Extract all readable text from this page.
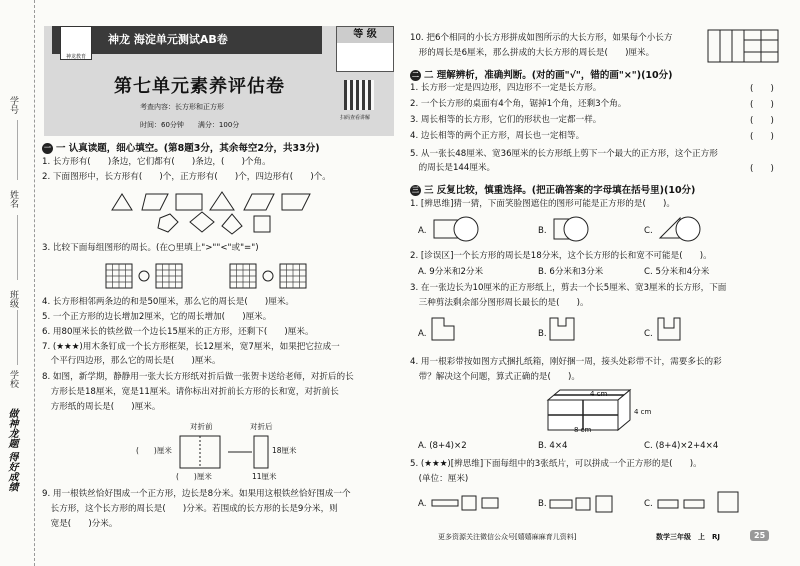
学号
姓名
班级
学校
做神龙题 得好成绩
神龙 海淀单元测试AB卷
神龙教育
等 级
第七单元素养评估卷
考查内容：长方形和正方形
时间：60分钟　　满分：100分
扫码查看讲解
一 一 认真读题，细心填空。(第8题3分，其余每空2分，共33分)
1. 长方形有(　　)条边，它们都有(　　)条边，(　　)个角。
2. 下面图形中，长方形有(　　)个，正方形有(　　)个，四边形有(　　)个。
3. 比较下面每组图形的周长。(在○里填上">""<"或"=")
4. 长方形相邻两条边的和是50厘米，那么它的周长是(　　)厘米。
5. 一个正方形的边长增加2厘米，它的周长增加(　　)厘米。
6. 用80厘米长的铁丝做一个边长15厘米的正方形，还剩下(　　)厘米。
7. (★★★)用木条钉成一个长方形框架，长12厘米，宽7厘米，如果把它拉成一
　个平行四边形，那么它的周长是(　　)厘米。
8. 如图，新学期，静静用一张大长方形纸对折后做一张贺卡送给老师，对折后的长
　方形长是18厘米，宽是11厘米。请你标出对折前长方形的长和宽，对折前长
　方形纸的周长是(　　)厘米。
对折前	对折后
(　　)厘米
(　　)厘米
18厘米
11厘米
9. 用一根铁丝恰好围成一个正方形，边长是8分米。如果用这根铁丝恰好围成一个
　长方形，这个长方形的周长是(　　)分米。若围成的长方形的长是9分米，则
　宽是(　　)分米。
10. 把6个相同的小长方形拼成如图所示的大长方形，如果每个小长方
　形的周长是6厘米，那么拼成的大长方形的周长是(　　)厘米。
二 二 理解辨析，准确判断。(对的画"√"，错的画"×")(10分)
1. 长方形一定是四边形，四边形不一定是长方形。	(　　)
2. 一个长方形的桌面有4个角，锯掉1个角，还剩3个角。	(　　)
3. 周长相等的长方形，它们的形状也一定都一样。	(　　)
4. 边长相等的两个正方形，周长也一定相等。	(　　)
5. 从一张长48厘米、宽36厘米的长方形纸上剪下一个最大的正方形，这个正方形
　的周长是144厘米。	(　　)
三 三 反复比较，慎重选择。(把正确答案的字母填在括号里)(10分)
1. [辨思维]猜一猜，下面笑脸图遮住的图形可能是正方形的是(　　)。
A.	B.	C.
2. [诊误区]一个长方形的周长是18分米，这个长方形的长和宽不可能是(　　)。
A. 9分米和2分米	B. 6分米和3分米	C. 5分米和4分米
3. 在一张边长为10厘米的正方形纸上，剪去一个长5厘米、宽3厘米的长方形，下面
　三种剪法剩余部分图形周长最长的是(　　)。
A.	B.	C.
4. 用一根彩带按如图方式捆扎纸箱，刚好捆一周，接头处彩带不计，需要多长的彩
　带？解决这个问题，算式正确的是(　　)。
4 cm
4 cm
8 cm
A. (8+4)×2	B. 4×4	C. (8+4)×2+4×4
5. (★★★)[辨思维]下面每组中的3张纸片，可以拼成一个正方形的是(　　)。
　(单位：厘米)
A.	B.	C.
更多资源关注微信公众号[嬉嬉麻麻育儿资料]	数学三年级　上　RJ	25
